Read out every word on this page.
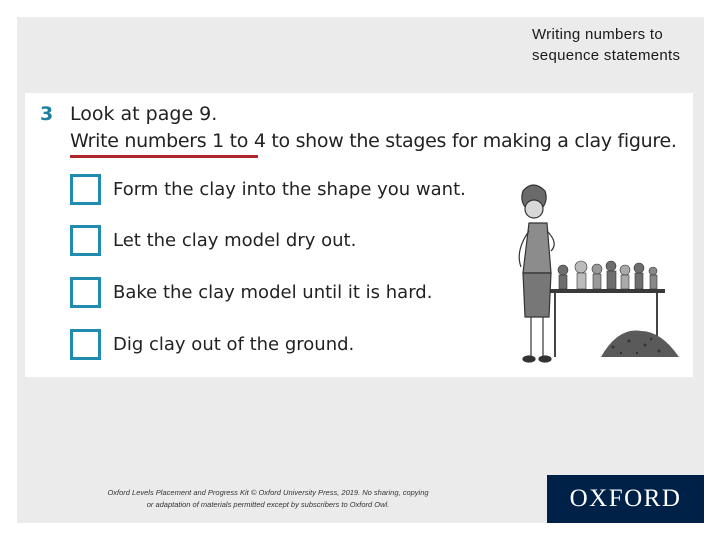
Writing numbers to
sequence statements
3 Look at page 9.
Write numbers 1 to 4 to show the stages for making a clay figure.
Form the clay into the shape you want.
Let the clay model dry out.
Bake the clay model until it is hard.
Dig clay out of the ground.
Oxford Levels Placement and Progress Kit © Oxford University Press, 2019. No sharing, copying
or adaptation of materials permitted except by subscribers to Oxford Owl.	OXFORD
